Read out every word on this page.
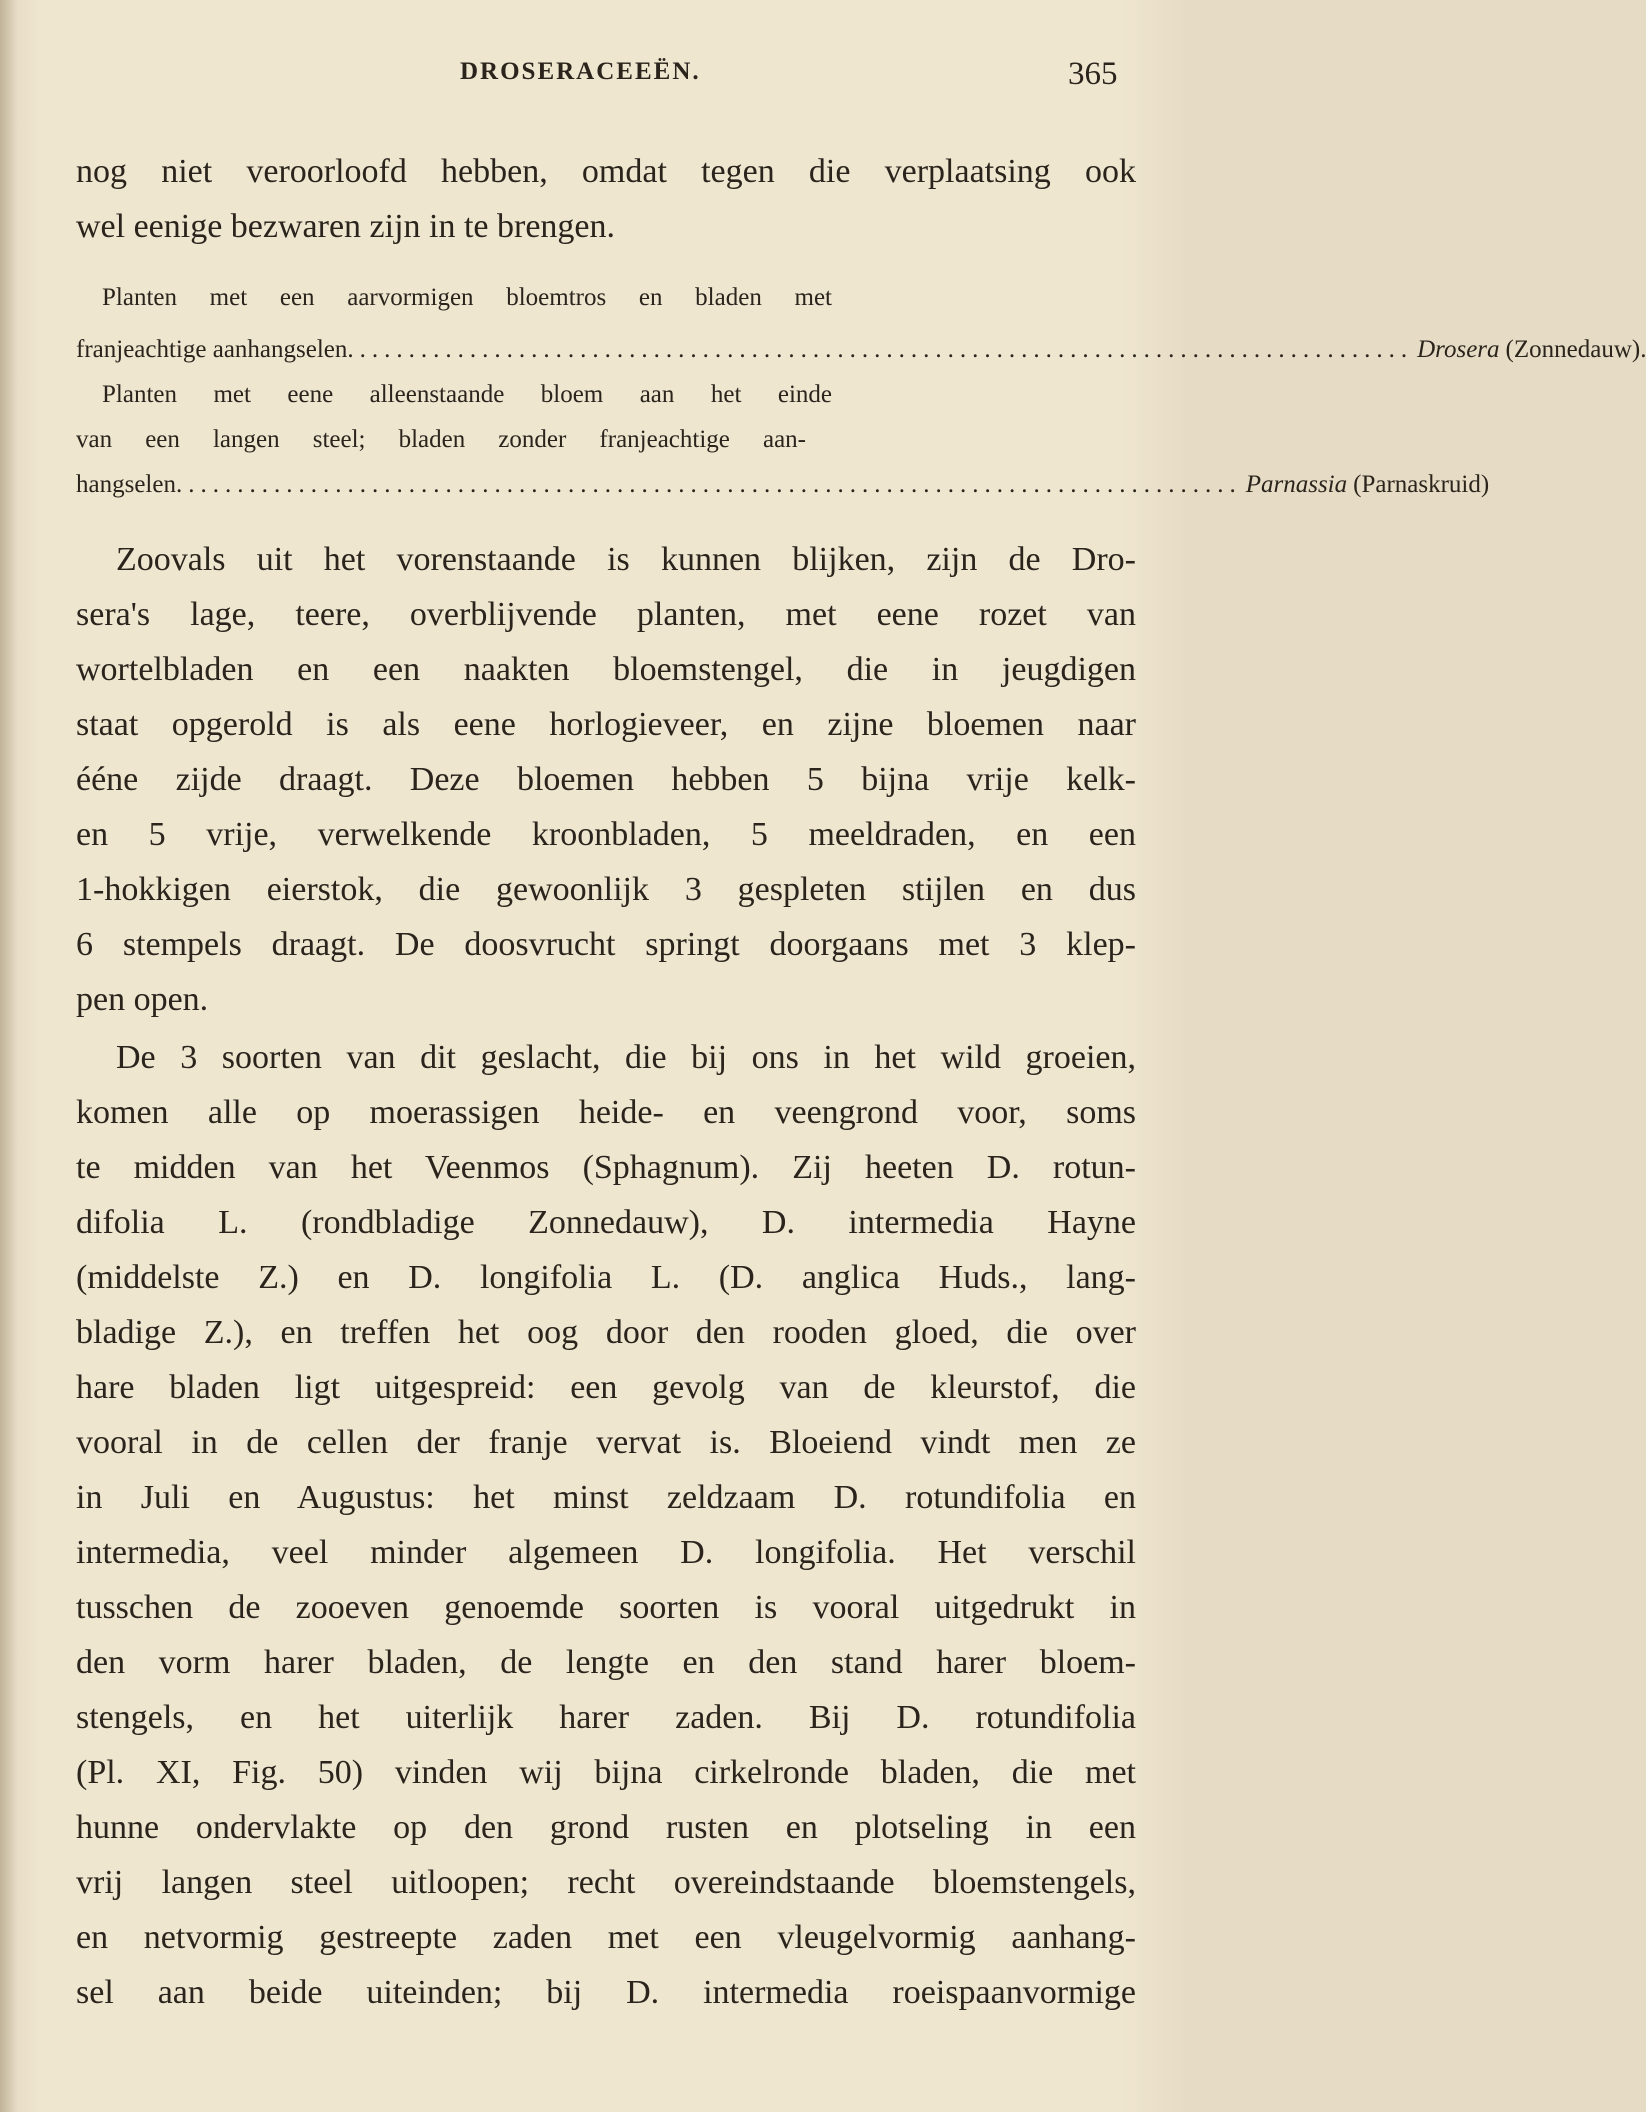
DROSERACEEËN.	365
nog niet veroorloofd hebben, omdat tegen die verplaatsing ook
wel eenige bezwaren zijn in te brengen.
Planten met een aarvormigen bloemtros en bladen met
franjeachtige aanhangselen ....................................................................................... Drosera (Zonnedauw).
Planten met eene alleenstaande bloem aan het einde
van een langen steel; bladen zonder franjeachtige aan-
hangselen ....................................................................................... Parnassia (Parnaskruid)
Zoovals uit het vorenstaande is kunnen blijken, zijn de Dro-
sera's lage, teere, overblijvende planten, met eene rozet van
wortelbladen en een naakten bloemstengel, die in jeugdigen
staat opgerold is als eene horlogieveer, en zijne bloemen naar
ééne zijde draagt. Deze bloemen hebben 5 bijna vrije kelk-
en 5 vrije, verwelkende kroonbladen, 5 meeldraden, en een
1-hokkigen eierstok, die gewoonlijk 3 gespleten stijlen en dus
6 stempels draagt. De doosvrucht springt doorgaans met 3 klep-
pen open.
De 3 soorten van dit geslacht, die bij ons in het wild groeien,
komen alle op moerassigen heide- en veengrond voor, soms
te midden van het Veenmos (Sphagnum). Zij heeten D. rotun-
difolia L. (rondbladige Zonnedauw), D. intermedia Hayne
(middelste Z.) en D. longifolia L. (D. anglica Huds., lang-
bladige Z.), en treffen het oog door den rooden gloed, die over
hare bladen ligt uitgespreid: een gevolg van de kleurstof, die
vooral in de cellen der franje vervat is. Bloeiend vindt men ze
in Juli en Augustus: het minst zeldzaam D. rotundifolia en
intermedia, veel minder algemeen D. longifolia. Het verschil
tusschen de zooeven genoemde soorten is vooral uitgedrukt in
den vorm harer bladen, de lengte en den stand harer bloem-
stengels, en het uiterlijk harer zaden. Bij D. rotundifolia
(Pl. XI, Fig. 50) vinden wij bijna cirkelronde bladen, die met
hunne ondervlakte op den grond rusten en plotseling in een
vrij langen steel uitloopen; recht overeindstaande bloemstengels,
en netvormig gestreepte zaden met een vleugelvormig aanhang-
sel aan beide uiteinden; bij D. intermedia roeispaanvormige
